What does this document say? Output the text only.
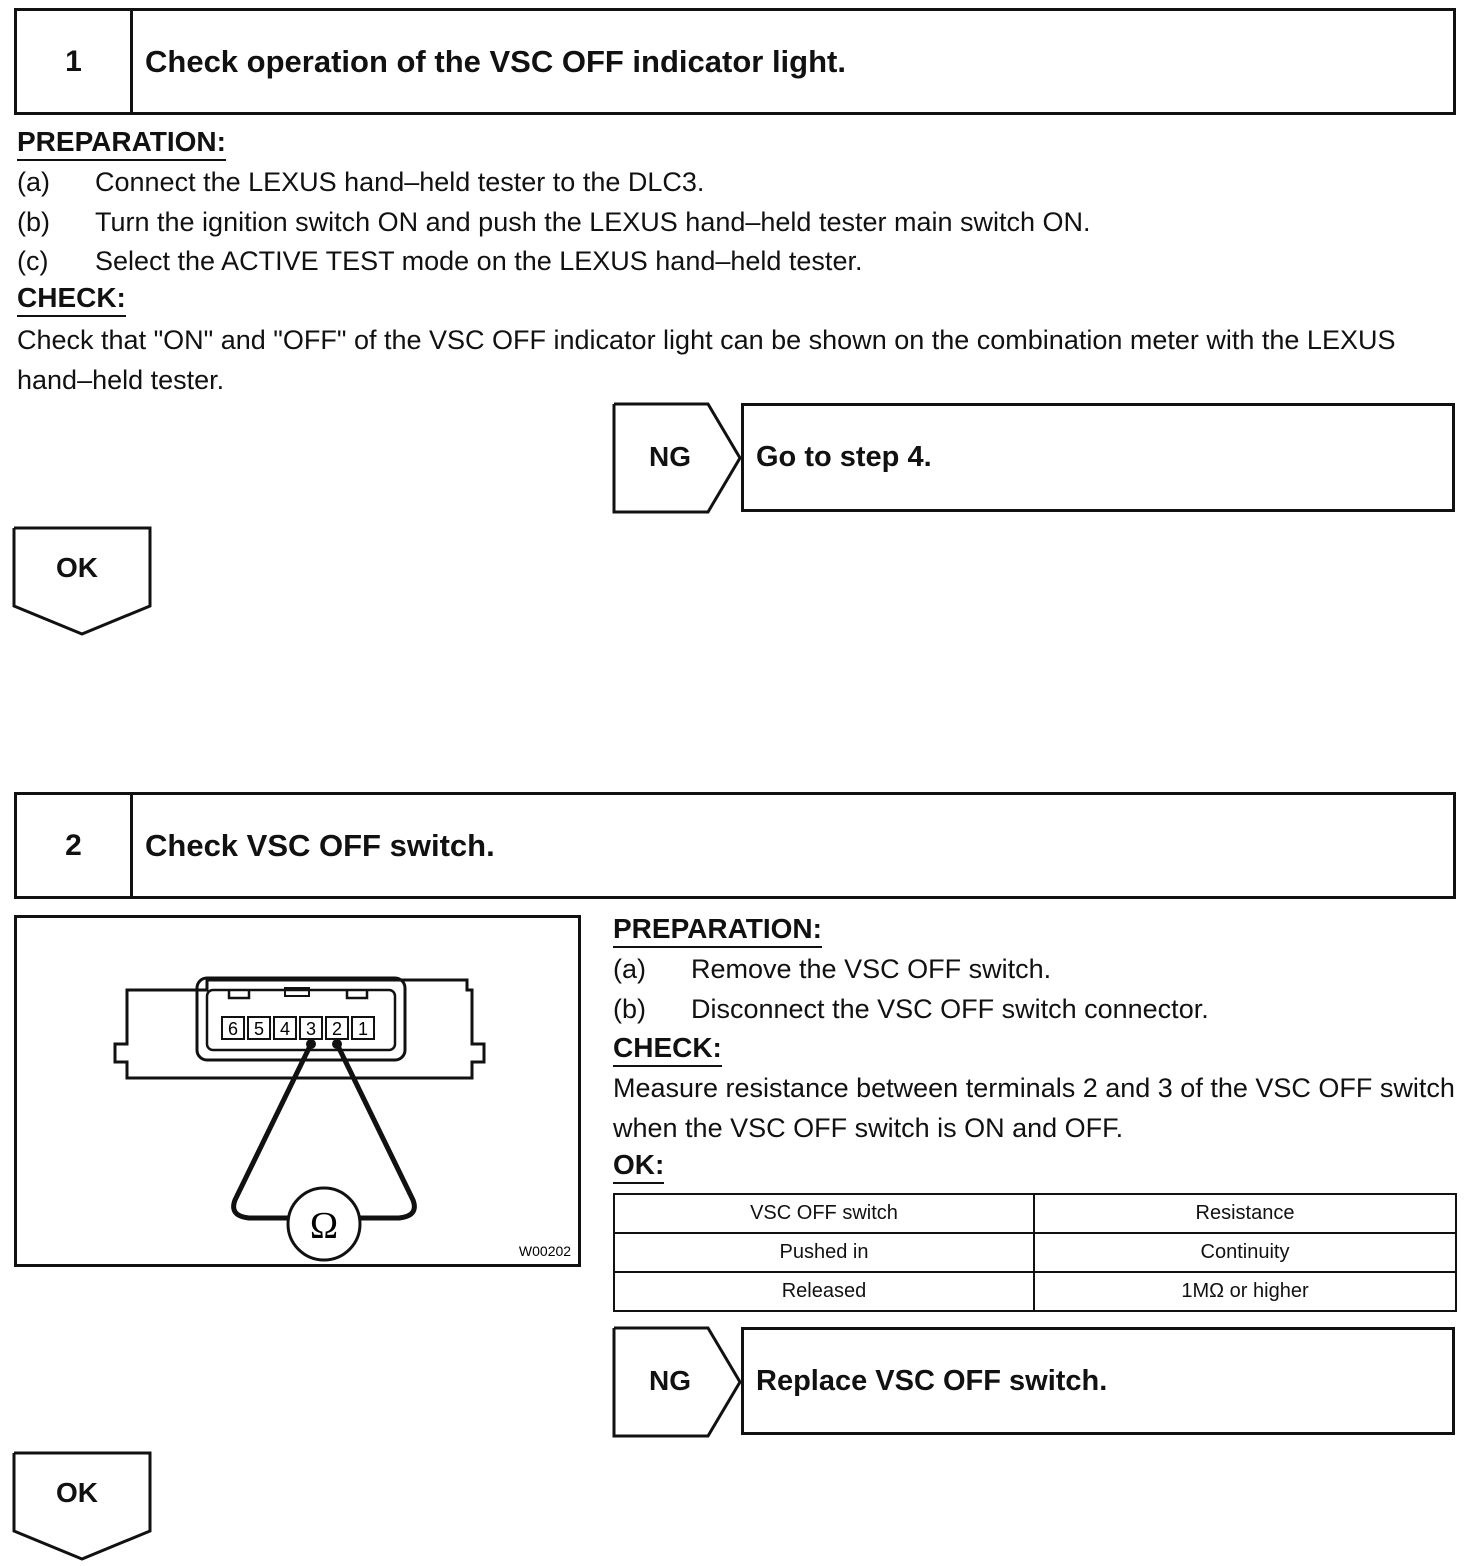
1	Check operation of the VSC OFF indicator light.
PREPARATION:
(a) Connect the LEXUS hand–held tester to the DLC3.
(b) Turn the ignition switch ON and push the LEXUS hand–held tester main switch ON.
(c) Select the ACTIVE TEST mode on the LEXUS hand–held tester.
CHECK:
Check that "ON" and "OFF" of the VSC OFF indicator light can be shown on the combination meter with the LEXUS hand–held tester.
NG	Go to step 4.
OK
2	Check VSC OFF switch.
6 5 4 3 2 1
Ω
W00202
PREPARATION:
(a) Remove the VSC OFF switch.
(b) Disconnect the VSC OFF switch connector.
CHECK:
Measure resistance between terminals 2 and 3 of the VSC OFF switch when the VSC OFF switch is ON and OFF.
OK:
VSC OFF switch	Resistance
Pushed in	Continuity
Released	1MΩ or higher
NG	Replace VSC OFF switch.
OK
